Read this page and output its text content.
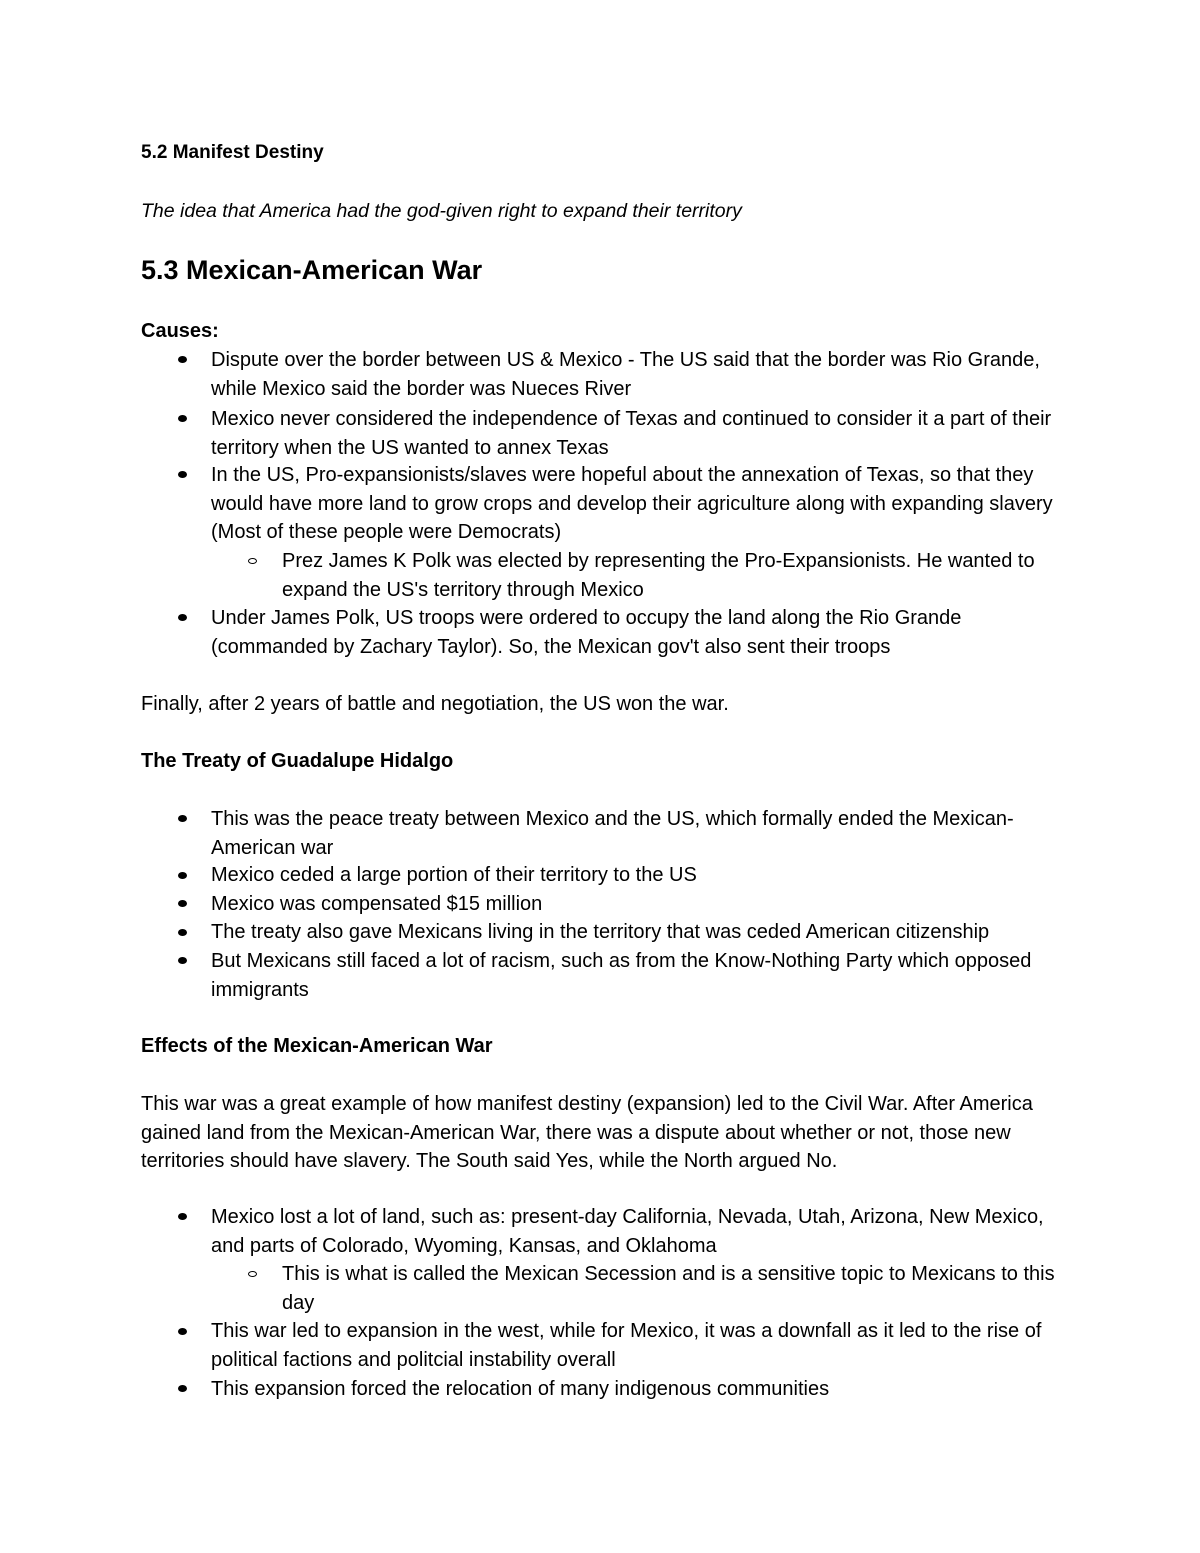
5.2 Manifest Destiny
The idea that America had the god-given right to expand their territory
5.3 Mexican-American War
Causes:
Dispute over the border between US & Mexico - The US said that the border was Rio Grande, while Mexico said the border was Nueces River
Mexico never considered the independence of Texas and continued to consider it a part of their territory when the US wanted to annex Texas
In the US, Pro-expansionists/slaves were hopeful about the annexation of Texas, so that they would have more land to grow crops and develop their agriculture along with expanding slavery (Most of these people were Democrats)
Prez James K Polk was elected by representing the Pro-Expansionists. He wanted to expand the US's territory through Mexico
Under James Polk, US troops were ordered to occupy the land along the Rio Grande (commanded by Zachary Taylor). So, the Mexican gov't also sent their troops
Finally, after 2 years of battle and negotiation, the US won the war.
The Treaty of Guadalupe Hidalgo
This was the peace treaty between Mexico and the US, which formally ended the Mexican-American war
Mexico ceded a large portion of their territory to the US
Mexico was compensated $15 million
The treaty also gave Mexicans living in the territory that was ceded American citizenship
But Mexicans still faced a lot of racism, such as from the Know-Nothing Party which opposed immigrants
Effects of the Mexican-American War
This war was a great example of how manifest destiny (expansion) led to the Civil War. After America gained land from the Mexican-American War, there was a dispute about whether or not, those new territories should have slavery. The South said Yes, while the North argued No.
Mexico lost a lot of land, such as: present-day California, Nevada, Utah, Arizona, New Mexico, and parts of Colorado, Wyoming, Kansas, and Oklahoma
This is what is called the Mexican Secession and is a sensitive topic to Mexicans to this day
This war led to expansion in the west, while for Mexico, it was a downfall as it led to the rise of political factions and politcial instability overall
This expansion forced the relocation of many indigenous communities
